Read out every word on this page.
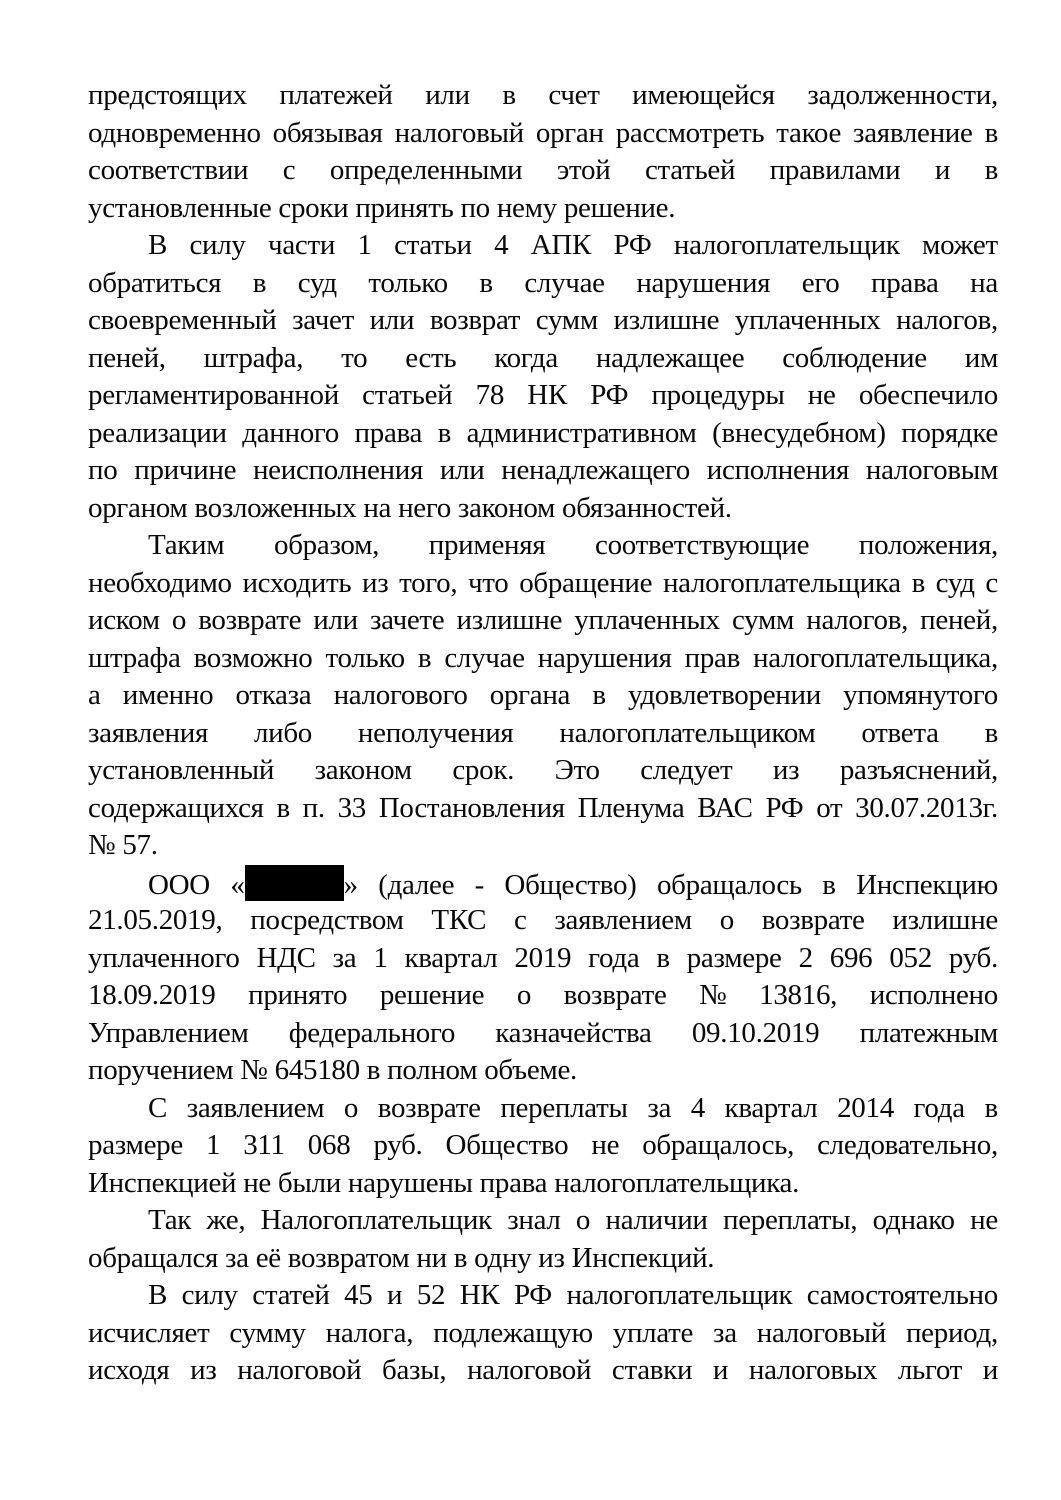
предстоящих платежей или в счет имеющейся задолженности,
одновременно обязывая налоговый орган рассмотреть такое заявление в
соответствии с определенными этой статьей правилами и в
установленные сроки принять по нему решение.
В силу части 1 статьи 4 АПК РФ налогоплательщик может
обратиться в суд только в случае нарушения его права на
своевременный зачет или возврат сумм излишне уплаченных налогов,
пеней, штрафа, то есть когда надлежащее соблюдение им
регламентированной статьей 78 НК РФ процедуры не обеспечило
реализации данного права в административном (внесудебном) порядке
по причине неисполнения или ненадлежащего исполнения налоговым
органом возложенных на него законом обязанностей.
Таким образом, применяя соответствующие положения,
необходимо исходить из того, что обращение налогоплательщика в суд с
иском о возврате или зачете излишне уплаченных сумм налогов, пеней,
штрафа возможно только в случае нарушения прав налогоплательщика,
а именно отказа налогового органа в удовлетворении упомянутого
заявления либо неполучения налогоплательщиком ответа в
установленный законом срок. Это следует из разъяснений,
содержащихся в п. 33 Постановления Пленума ВАС РФ от 30.07.2013г.
№ 57.
ООО «	» (далее - Общество) обращалось в Инспекцию
21.05.2019, посредством ТКС с заявлением о возврате излишне
уплаченного НДС за 1 квартал 2019 года в размере 2 696 052 руб.
18.09.2019 принято решение о возврате № 13816, исполнено
Управлением федерального казначейства 09.10.2019 платежным
поручением № 645180 в полном объеме.
С заявлением о возврате переплаты за 4 квартал 2014 года в
размере 1 311 068 руб. Общество не обращалось, следовательно,
Инспекцией не были нарушены права налогоплательщика.
Так же, Налогоплательщик знал о наличии переплаты, однако не
обращался за её возвратом ни в одну из Инспекций.
В силу статей 45 и 52 НК РФ налогоплательщик самостоятельно
исчисляет сумму налога, подлежащую уплате за налоговый период,
исходя из налоговой базы, налоговой ставки и налоговых льгот и
